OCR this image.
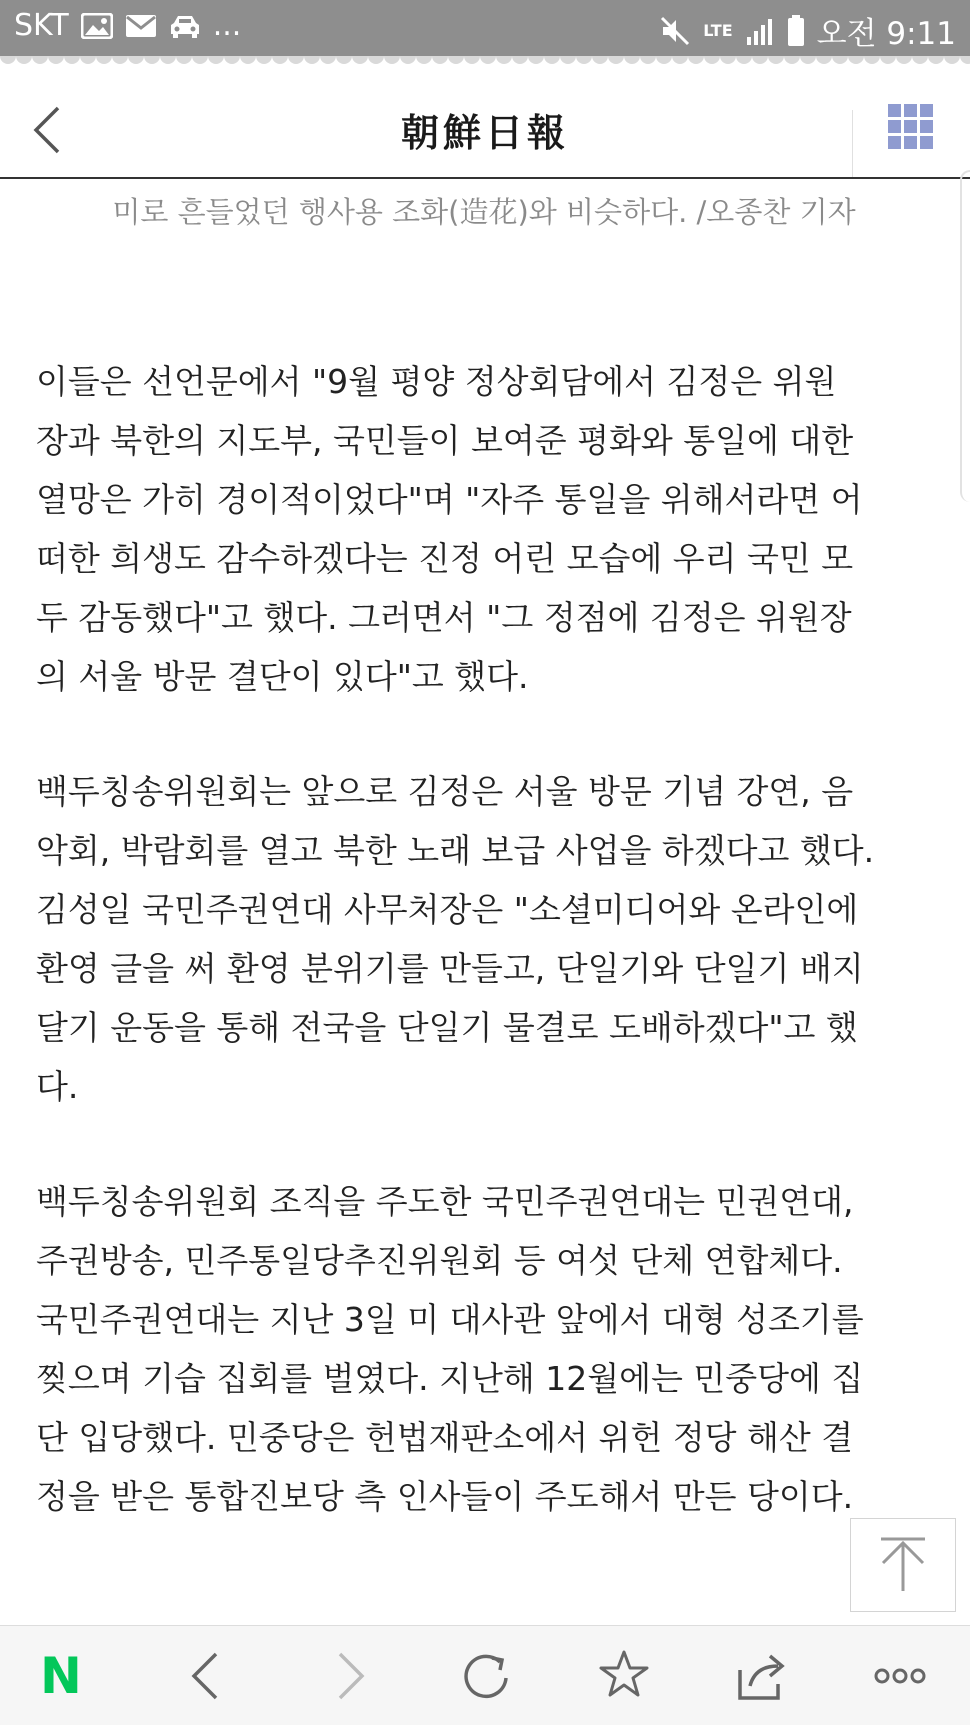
SKT	...	LTE	오전 9:11
朝鮮日報
미로 흔들었던 행사용 조화(造花)와 비슷하다. /오종찬 기자

이들은 선언문에서 "9월 평양 정상회담에서 김정은 위원
장과 북한의 지도부, 국민들이 보여준 평화와 통일에 대한
열망은 가히 경이적이었다"며 "자주 통일을 위해서라면 어
떠한 희생도 감수하겠다는 진정 어린 모습에 우리 국민 모
두 감동했다"고 했다. 그러면서 "그 정점에 김정은 위원장
의 서울 방문 결단이 있다"고 했다.

백두칭송위원회는 앞으로 김정은 서울 방문 기념 강연, 음
악회, 박람회를 열고 북한 노래 보급 사업을 하겠다고 했다.
김성일 국민주권연대 사무처장은 "소셜미디어와 온라인에
환영 글을 써 환영 분위기를 만들고, 단일기와 단일기 배지
달기 운동을 통해 전국을 단일기 물결로 도배하겠다"고 했
다.

백두칭송위원회 조직을 주도한 국민주권연대는 민권연대,
주권방송, 민주통일당추진위원회 등 여섯 단체 연합체다.
국민주권연대는 지난 3일 미 대사관 앞에서 대형 성조기를
찢으며 기습 집회를 벌였다. 지난해 12월에는 민중당에 집
단 입당했다. 민중당은 헌법재판소에서 위헌 정당 해산 결
정을 받은 통합진보당 측 인사들이 주도해서 만든 당이다.

N
